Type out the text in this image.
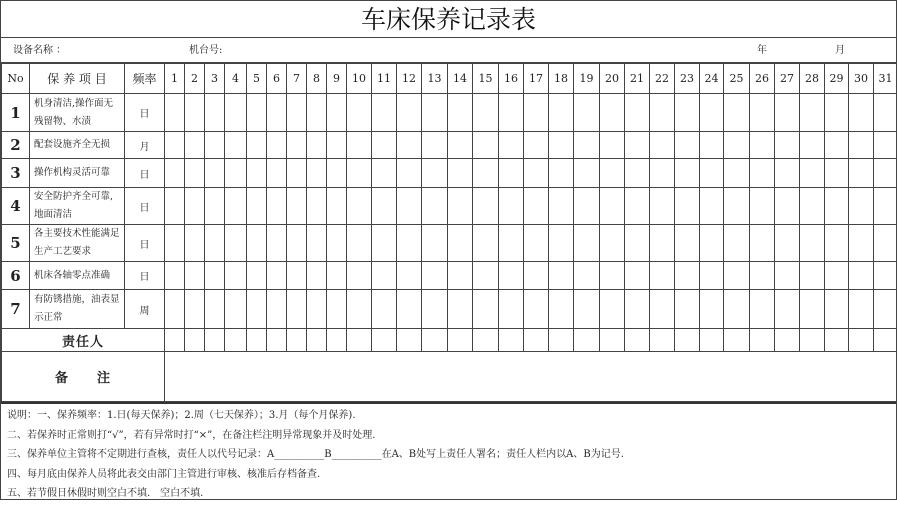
车床保养记录表
设备名称 ：	机台号:	年	月
No	保 养 项 目	频率	1	2	3	4	5	6	7	8	9	10	11	12	13	14	15	16	17	18	19	20	21	22	23	24	25	26	27	28	29	30	31
1	机身清洁,操作面无残留物、水渍	日																															
2	配套设施齐全无损	月																															
3	操作机构灵活可靠	日																															
4	安全防护齐全可靠,地面清洁	日																															
5	各主要技术性能满足生产工艺要求	日																															
6	机床各轴零点准确	日																															
7	有防锈措施，油表显示正常	周																															
责任人																																	
备　　注																																	
说明：一、保养频率：1.日(每天保养)；2.周（七天保养）；3.月（每个月保养).
二、若保养时正常则打“√”，若有异常时打“×”，在备注栏注明异常现象并及时处理.
三、保养单位主管将不定期进行查核，责任人以代号记录：A__________B__________在A、B处写上责任人署名；责任人栏内以A、B为记号.
四、每月底由保养人员将此表交由部门主管进行审核、核准后存档备查.
五、若节假日休假时则空白不填.　空白不填.
